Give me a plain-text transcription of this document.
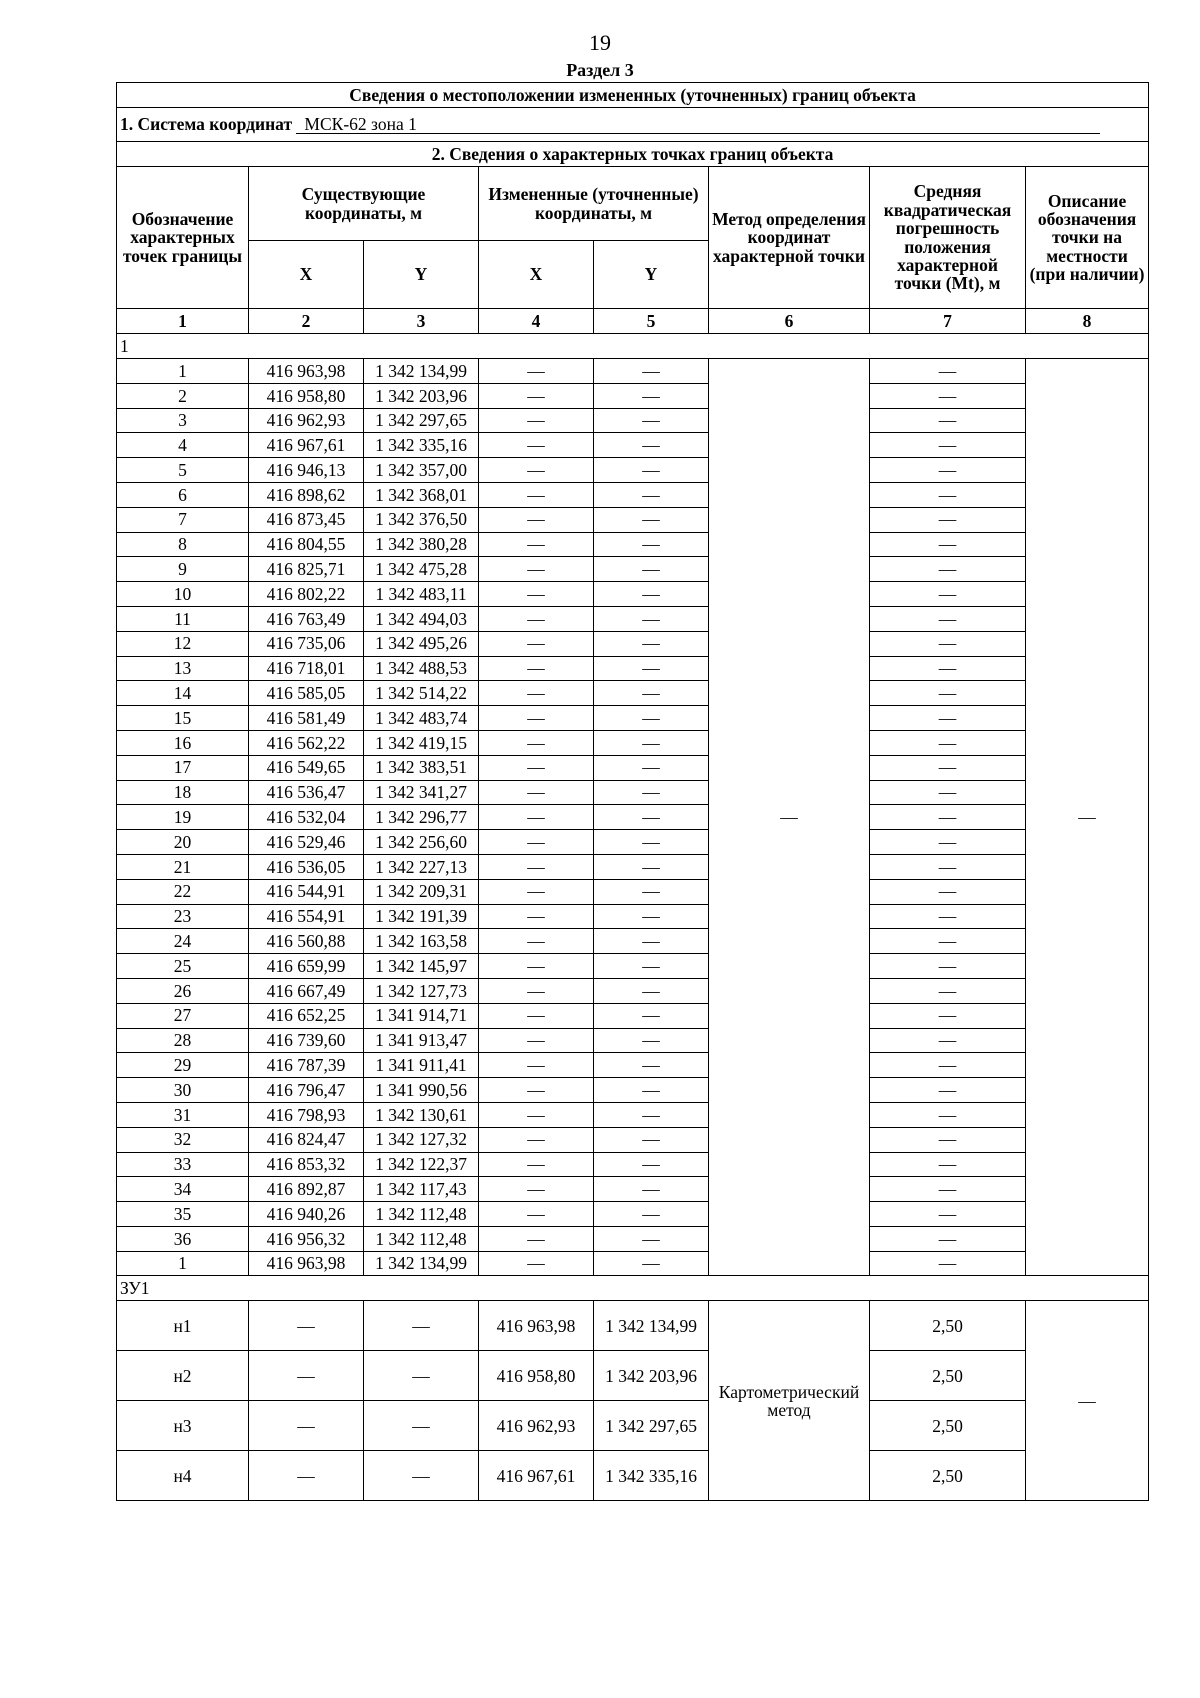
19
Раздел 3
Сведения о местоположении измененных (уточненных) границ объекта							
1. Система координат МСК-62 зона 1							
2. Сведения о характерных точках границ объекта							
Обозначение характерных точек границы	Существующие координаты, м		Измененные (уточненные) координаты, м		Метод определения координат характерной точки	Средняя квадратическая погрешность положения характерной точки (Mt), м	Описание обозначения точки на местности (при наличии)
	X	Y	X	Y			
1	2	3	4	5	6	7	8
1							
1	416 963,98	1 342 134,99	—	—	—	—	—
2	416 958,80	1 342 203,96	—	—		—	
3	416 962,93	1 342 297,65	—	—		—	
4	416 967,61	1 342 335,16	—	—		—	
5	416 946,13	1 342 357,00	—	—		—	
6	416 898,62	1 342 368,01	—	—		—	
7	416 873,45	1 342 376,50	—	—		—	
8	416 804,55	1 342 380,28	—	—		—	
9	416 825,71	1 342 475,28	—	—		—	
10	416 802,22	1 342 483,11	—	—		—	
11	416 763,49	1 342 494,03	—	—		—	
12	416 735,06	1 342 495,26	—	—		—	
13	416 718,01	1 342 488,53	—	—		—	
14	416 585,05	1 342 514,22	—	—		—	
15	416 581,49	1 342 483,74	—	—		—	
16	416 562,22	1 342 419,15	—	—		—	
17	416 549,65	1 342 383,51	—	—		—	
18	416 536,47	1 342 341,27	—	—		—	
19	416 532,04	1 342 296,77	—	—		—	
20	416 529,46	1 342 256,60	—	—		—	
21	416 536,05	1 342 227,13	—	—		—	
22	416 544,91	1 342 209,31	—	—		—	
23	416 554,91	1 342 191,39	—	—		—	
24	416 560,88	1 342 163,58	—	—		—	
25	416 659,99	1 342 145,97	—	—		—	
26	416 667,49	1 342 127,73	—	—		—	
27	416 652,25	1 341 914,71	—	—		—	
28	416 739,60	1 341 913,47	—	—		—	
29	416 787,39	1 341 911,41	—	—		—	
30	416 796,47	1 341 990,56	—	—		—	
31	416 798,93	1 342 130,61	—	—		—	
32	416 824,47	1 342 127,32	—	—		—	
33	416 853,32	1 342 122,37	—	—		—	
34	416 892,87	1 342 117,43	—	—		—	
35	416 940,26	1 342 112,48	—	—		—	
36	416 956,32	1 342 112,48	—	—		—	
1	416 963,98	1 342 134,99	—	—		—	
ЗУ1							
н1	—	—	416 963,98	1 342 134,99	Картометрический метод	2,50	—
н2	—	—	416 958,80	1 342 203,96		2,50	
н3	—	—	416 962,93	1 342 297,65		2,50	
н4	—	—	416 967,61	1 342 335,16		2,50	
